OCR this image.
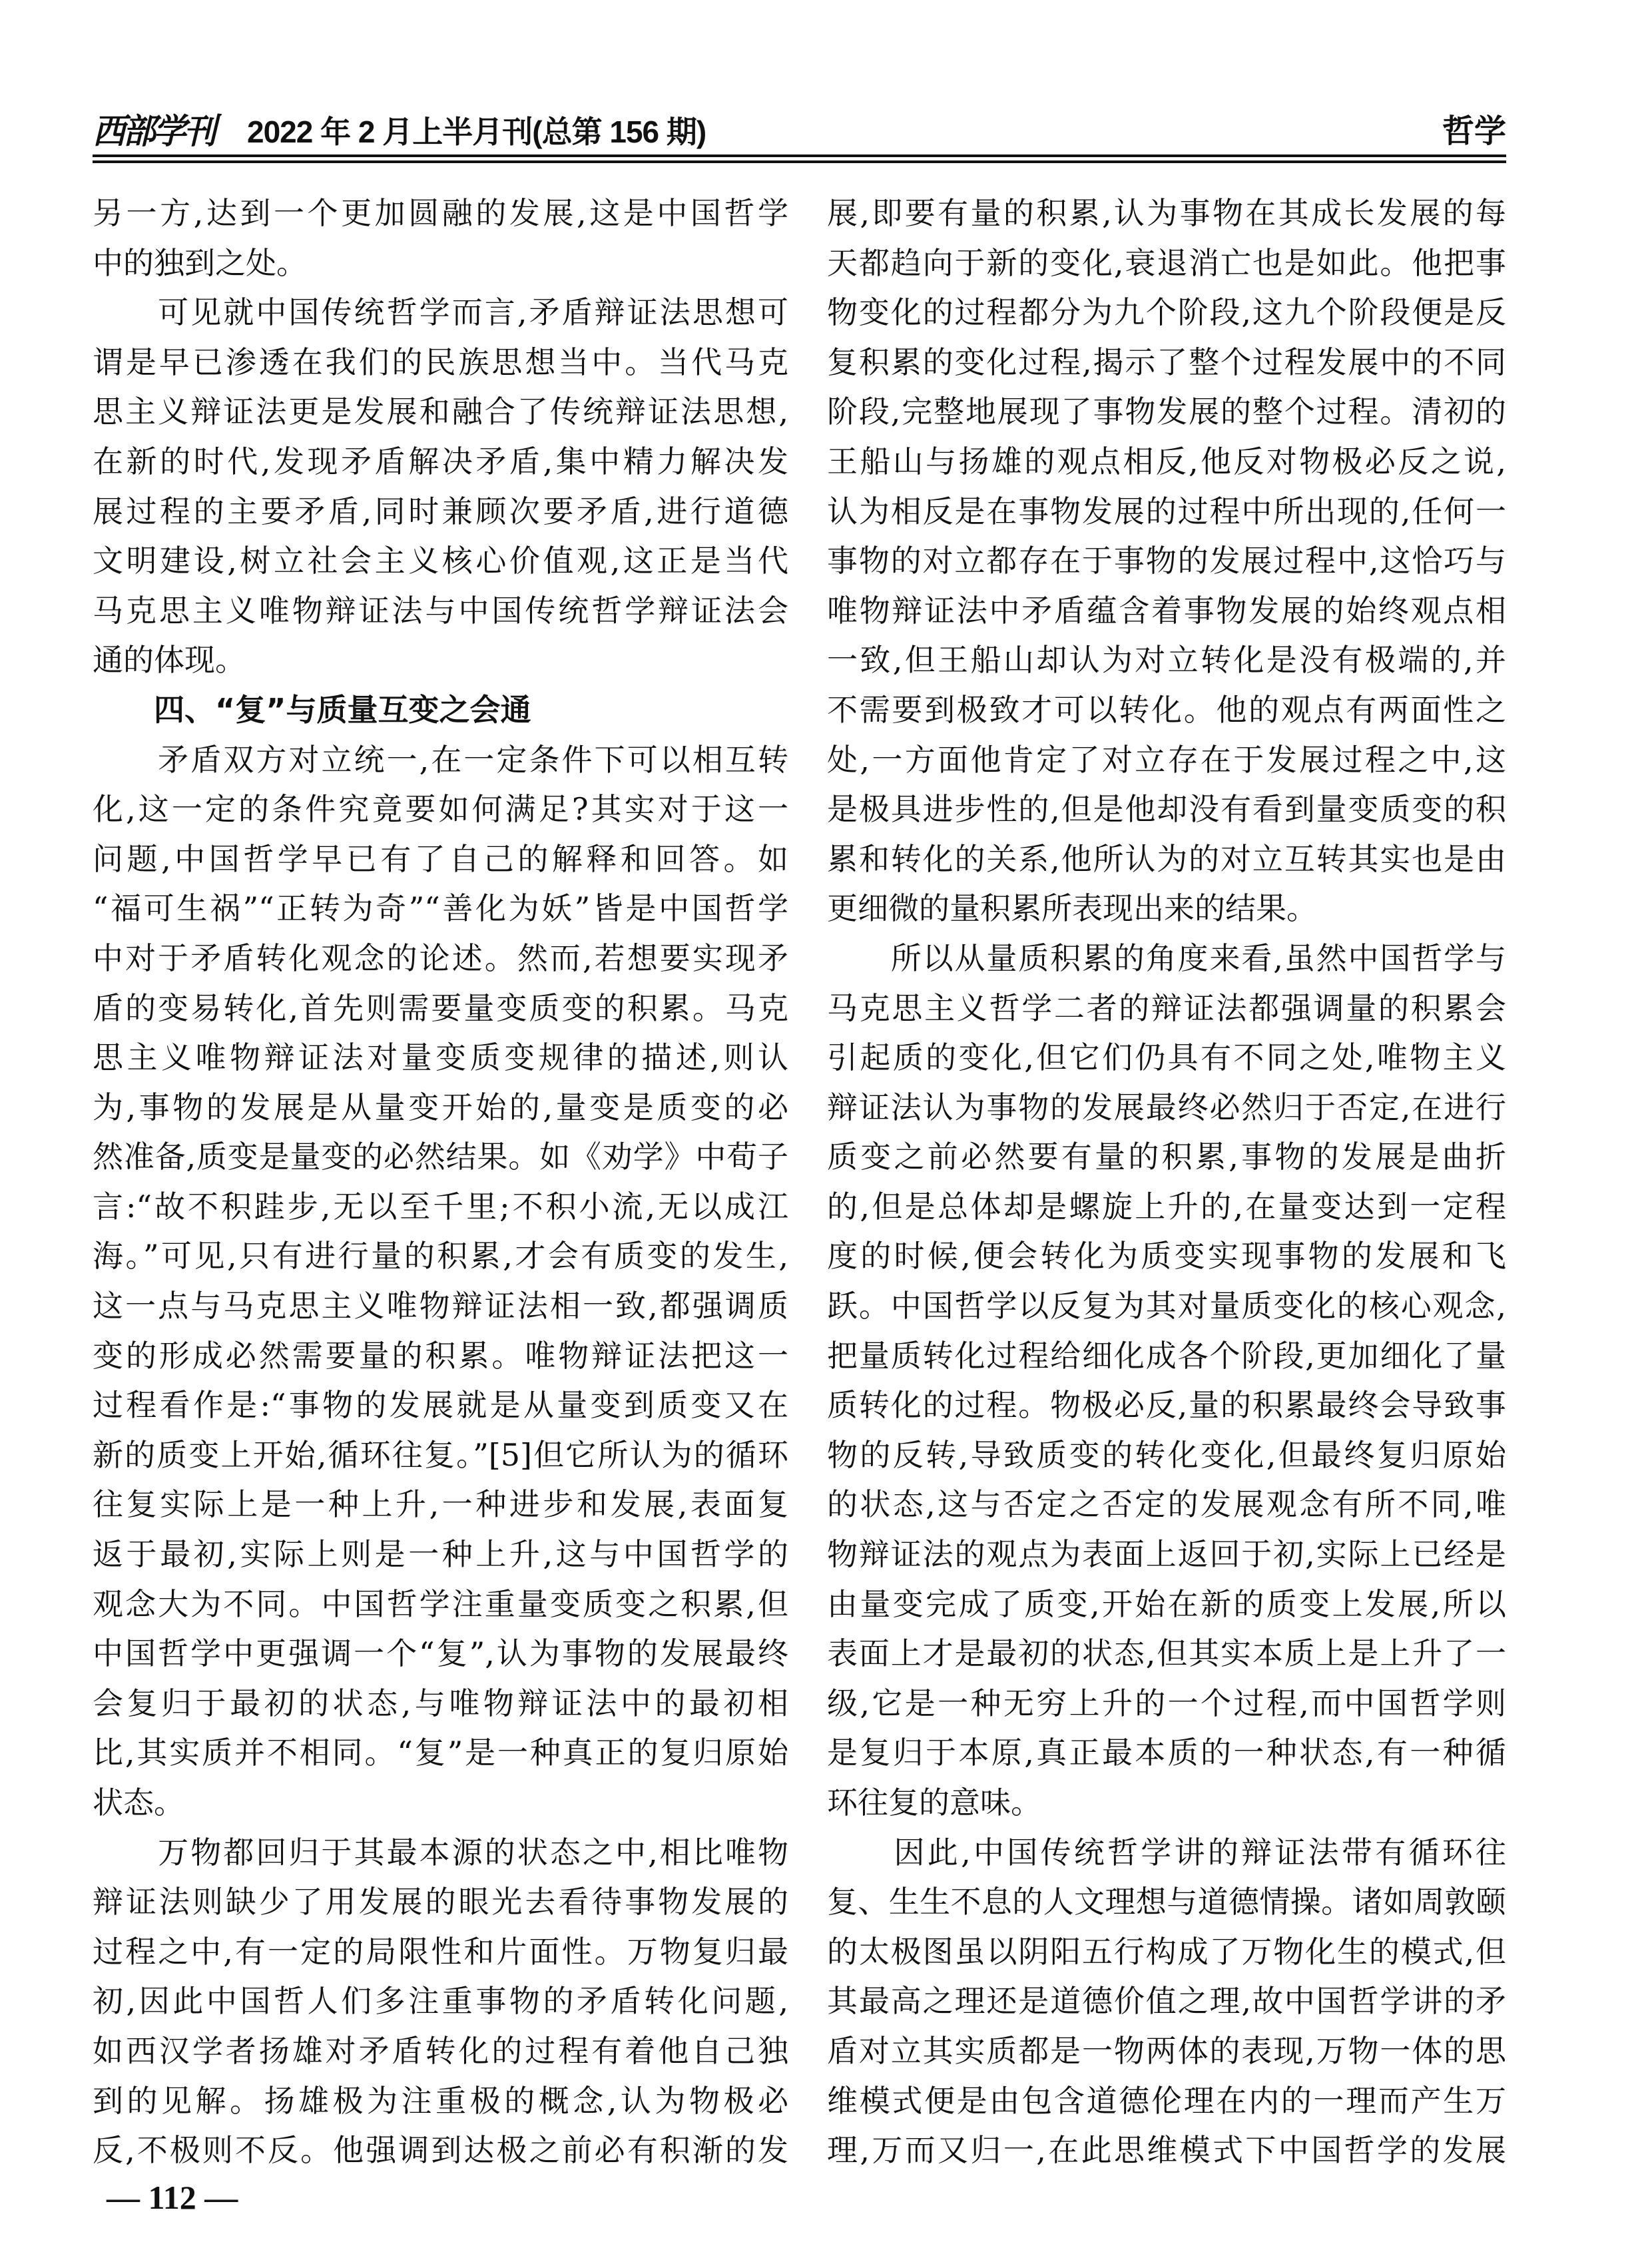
西部学刊 2022 年 2 月上半月刊(总第 156 期)	哲学
另一方,达到一个更加圆融的发展,这是中国哲学
中的独到之处。
　　可见就中国传统哲学而言,矛盾辩证法思想可
谓是早已渗透在我们的民族思想当中。当代马克
思主义辩证法更是发展和融合了传统辩证法思想,
在新的时代,发现矛盾解决矛盾,集中精力解决发
展过程的主要矛盾,同时兼顾次要矛盾,进行道德
文明建设,树立社会主义核心价值观,这正是当代
马克思主义唯物辩证法与中国传统哲学辩证法会
通的体现。
　　四、“复”与质量互变之会通
　　矛盾双方对立统一,在一定条件下可以相互转
化,这一定的条件究竟要如何满足?其实对于这一
问题,中国哲学早已有了自己的解释和回答。如
“福可生祸”“正转为奇”“善化为妖”皆是中国哲学
中对于矛盾转化观念的论述。然而,若想要实现矛
盾的变易转化,首先则需要量变质变的积累。马克
思主义唯物辩证法对量变质变规律的描述,则认
为,事物的发展是从量变开始的,量变是质变的必
然准备,质变是量变的必然结果。如《劝学》中荀子
言:“故不积跬步,无以至千里;不积小流,无以成江
海。”可见,只有进行量的积累,才会有质变的发生,
这一点与马克思主义唯物辩证法相一致,都强调质
变的形成必然需要量的积累。唯物辩证法把这一
过程看作是:“事物的发展就是从量变到质变又在
新的质变上开始,循环往复。”[5]但它所认为的循环
往复实际上是一种上升,一种进步和发展,表面复
返于最初,实际上则是一种上升,这与中国哲学的
观念大为不同。中国哲学注重量变质变之积累,但
中国哲学中更强调一个“复”,认为事物的发展最终
会复归于最初的状态,与唯物辩证法中的最初相
比,其实质并不相同。“复”是一种真正的复归原始
状态。
　　万物都回归于其最本源的状态之中,相比唯物
辩证法则缺少了用发展的眼光去看待事物发展的
过程之中,有一定的局限性和片面性。万物复归最
初,因此中国哲人们多注重事物的矛盾转化问题,
如西汉学者扬雄对矛盾转化的过程有着他自己独
到的见解。扬雄极为注重极的概念,认为物极必
反,不极则不反。他强调到达极之前必有积渐的发
展,即要有量的积累,认为事物在其成长发展的每
天都趋向于新的变化,衰退消亡也是如此。他把事
物变化的过程都分为九个阶段,这九个阶段便是反
复积累的变化过程,揭示了整个过程发展中的不同
阶段,完整地展现了事物发展的整个过程。清初的
王船山与扬雄的观点相反,他反对物极必反之说,
认为相反是在事物发展的过程中所出现的,任何一
事物的对立都存在于事物的发展过程中,这恰巧与
唯物辩证法中矛盾蕴含着事物发展的始终观点相
一致,但王船山却认为对立转化是没有极端的,并
不需要到极致才可以转化。他的观点有两面性之
处,一方面他肯定了对立存在于发展过程之中,这
是极具进步性的,但是他却没有看到量变质变的积
累和转化的关系,他所认为的对立互转其实也是由
更细微的量积累所表现出来的结果。
　　所以从量质积累的角度来看,虽然中国哲学与
马克思主义哲学二者的辩证法都强调量的积累会
引起质的变化,但它们仍具有不同之处,唯物主义
辩证法认为事物的发展最终必然归于否定,在进行
质变之前必然要有量的积累,事物的发展是曲折
的,但是总体却是螺旋上升的,在量变达到一定程
度的时候,便会转化为质变实现事物的发展和飞
跃。中国哲学以反复为其对量质变化的核心观念,
把量质转化过程给细化成各个阶段,更加细化了量
质转化的过程。物极必反,量的积累最终会导致事
物的反转,导致质变的转化变化,但最终复归原始
的状态,这与否定之否定的发展观念有所不同,唯
物辩证法的观点为表面上返回于初,实际上已经是
由量变完成了质变,开始在新的质变上发展,所以
表面上才是最初的状态,但其实本质上是上升了一
级,它是一种无穷上升的一个过程,而中国哲学则
是复归于本原,真正最本质的一种状态,有一种循
环往复的意味。
　　因此,中国传统哲学讲的辩证法带有循环往
复、生生不息的人文理想与道德情操。诸如周敦颐
的太极图虽以阴阳五行构成了万物化生的模式,但
其最高之理还是道德价值之理,故中国哲学讲的矛
盾对立其实质都是一物两体的表现,万物一体的思
维模式便是由包含道德伦理在内的一理而产生万
理,万而又归一,在此思维模式下中国哲学的发展
— 112 —
